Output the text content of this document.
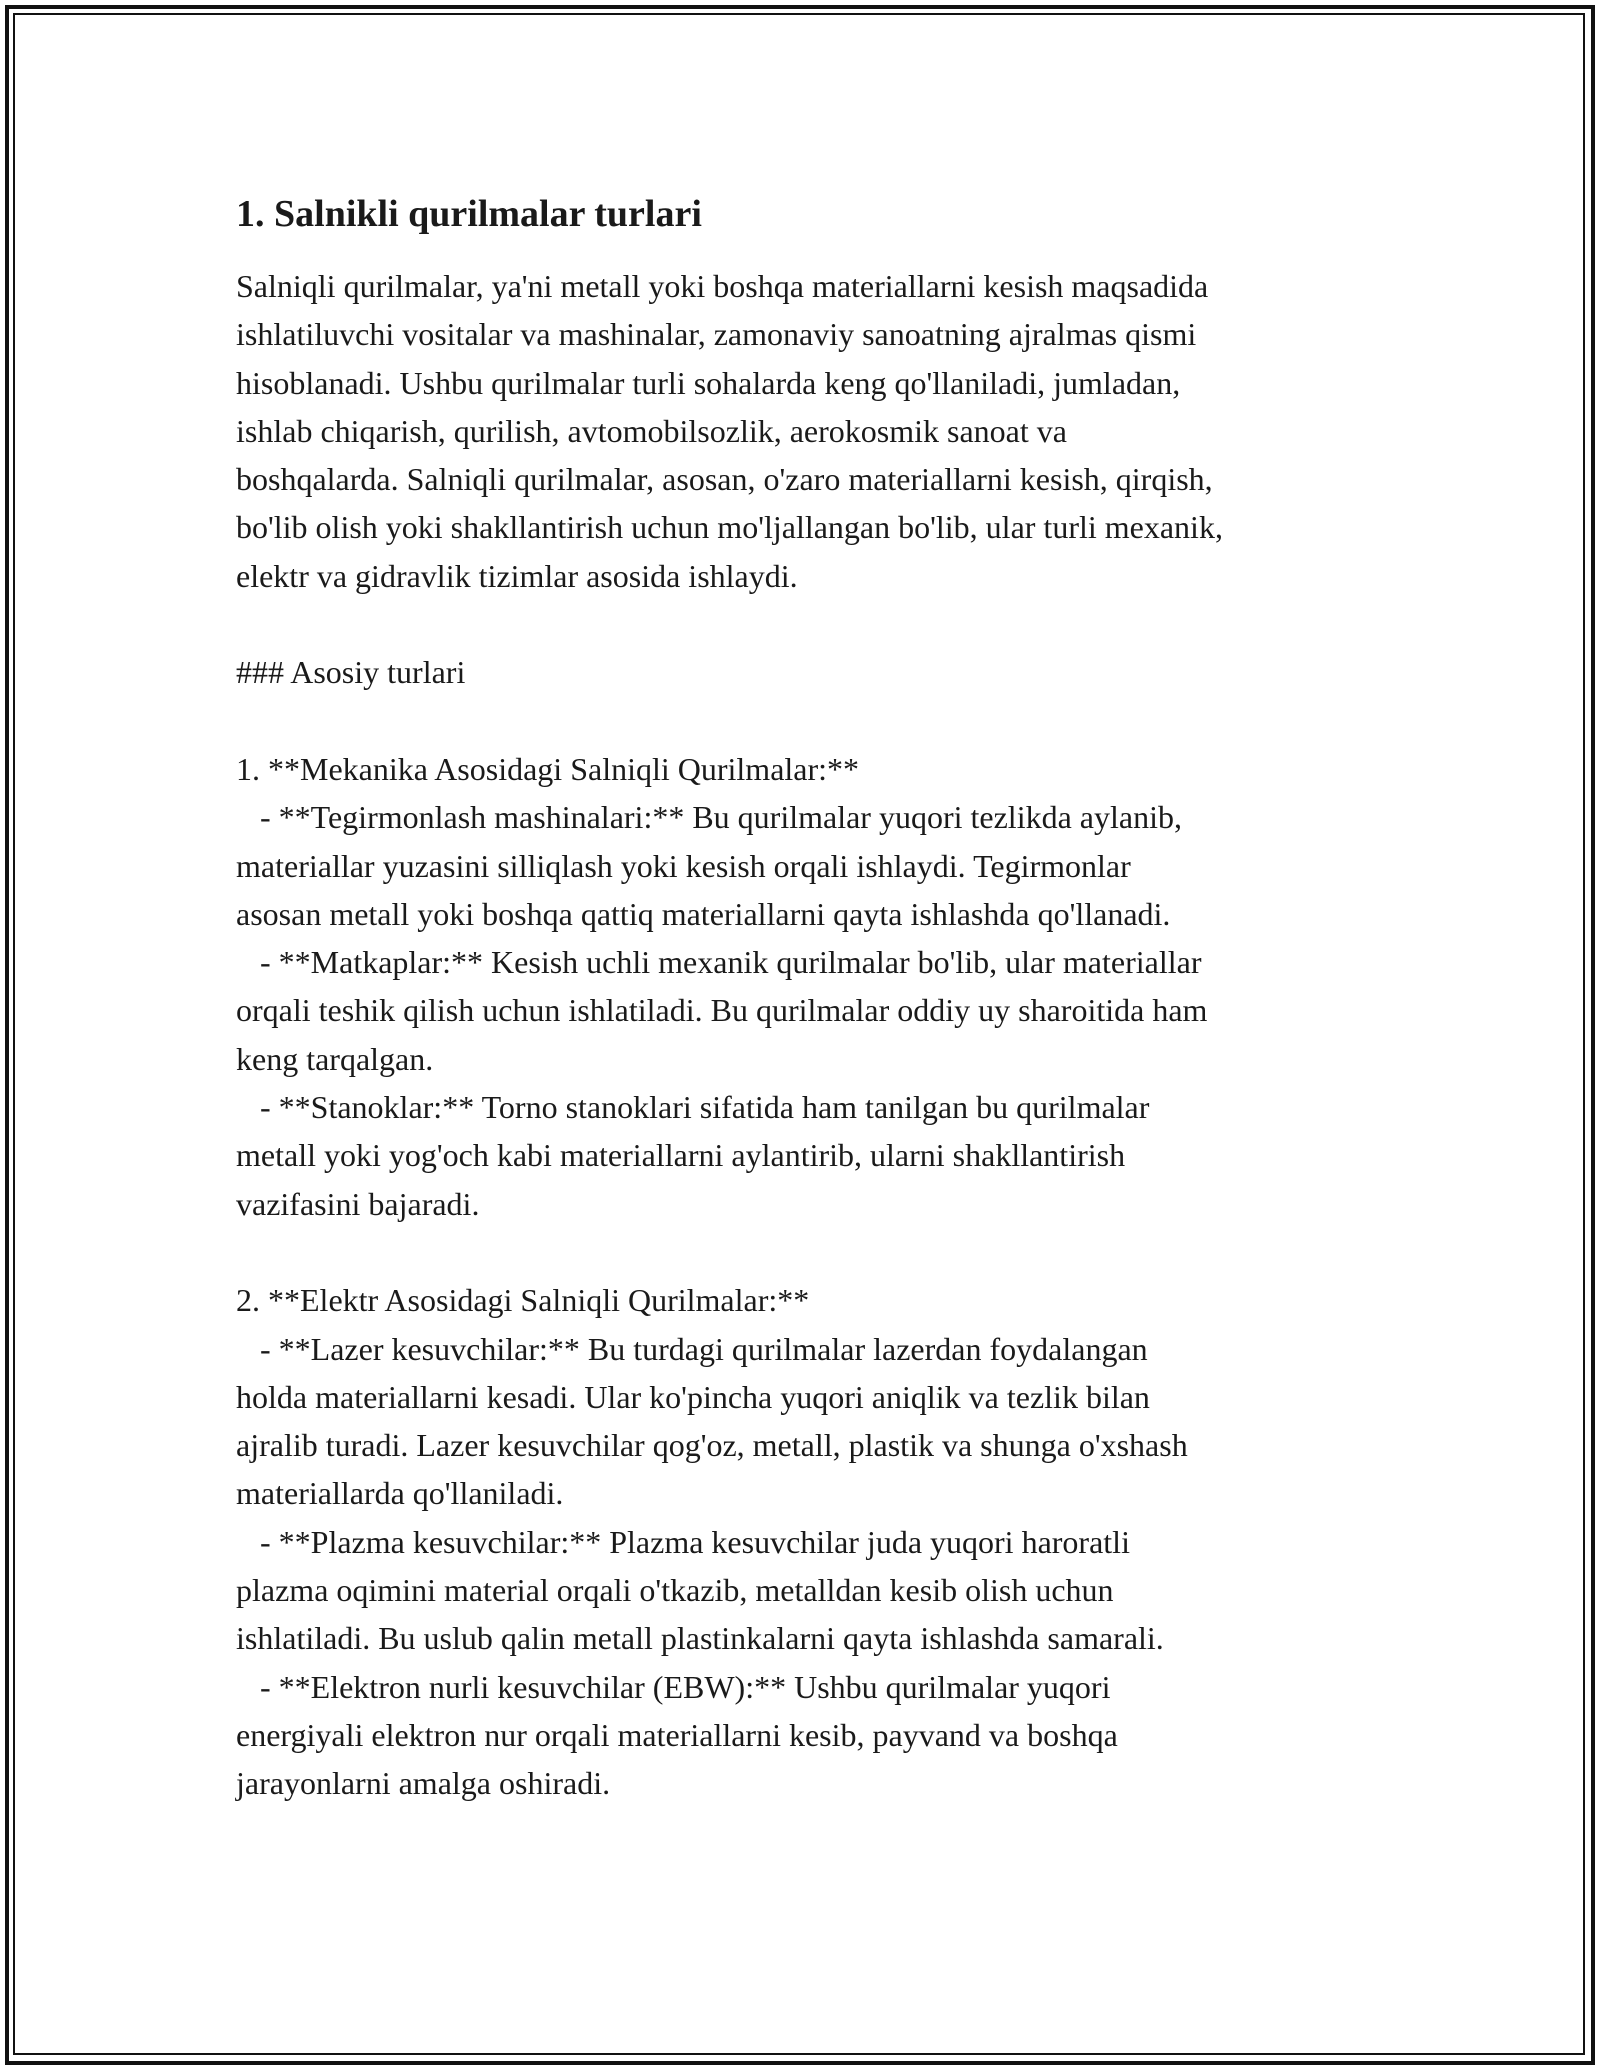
1. Salnikli qurilmalar turlari
Salniqli qurilmalar, ya'ni metall yoki boshqa materiallarni kesish maqsadida
ishlatiluvchi vositalar va mashinalar, zamonaviy sanoatning ajralmas qismi
hisoblanadi. Ushbu qurilmalar turli sohalarda keng qo'llaniladi, jumladan,
ishlab chiqarish, qurilish, avtomobilsozlik, aerokosmik sanoat va
boshqalarda. Salniqli qurilmalar, asosan, o'zaro materiallarni kesish, qirqish,
bo'lib olish yoki shakllantirish uchun mo'ljallangan bo'lib, ular turli mexanik,
elektr va gidravlik tizimlar asosida ishlaydi.
### Asosiy turlari
1. **Mekanika Asosidagi Salniqli Qurilmalar:**
- **Tegirmonlash mashinalari:** Bu qurilmalar yuqori tezlikda aylanib,
materiallar yuzasini silliqlash yoki kesish orqali ishlaydi. Tegirmonlar
asosan metall yoki boshqa qattiq materiallarni qayta ishlashda qo'llanadi.
- **Matkaplar:** Kesish uchli mexanik qurilmalar bo'lib, ular materiallar
orqali teshik qilish uchun ishlatiladi. Bu qurilmalar oddiy uy sharoitida ham
keng tarqalgan.
- **Stanoklar:** Torno stanoklari sifatida ham tanilgan bu qurilmalar
metall yoki yog'och kabi materiallarni aylantirib, ularni shakllantirish
vazifasini bajaradi.
2. **Elektr Asosidagi Salniqli Qurilmalar:**
- **Lazer kesuvchilar:** Bu turdagi qurilmalar lazerdan foydalangan
holda materiallarni kesadi. Ular ko'pincha yuqori aniqlik va tezlik bilan
ajralib turadi. Lazer kesuvchilar qog'oz, metall, plastik va shunga o'xshash
materiallarda qo'llaniladi.
- **Plazma kesuvchilar:** Plazma kesuvchilar juda yuqori haroratli
plazma oqimini material orqali o'tkazib, metalldan kesib olish uchun
ishlatiladi. Bu uslub qalin metall plastinkalarni qayta ishlashda samarali.
- **Elektron nurli kesuvchilar (EBW):** Ushbu qurilmalar yuqori
energiyali elektron nur orqali materiallarni kesib, payvand va boshqa
jarayonlarni amalga oshiradi.
